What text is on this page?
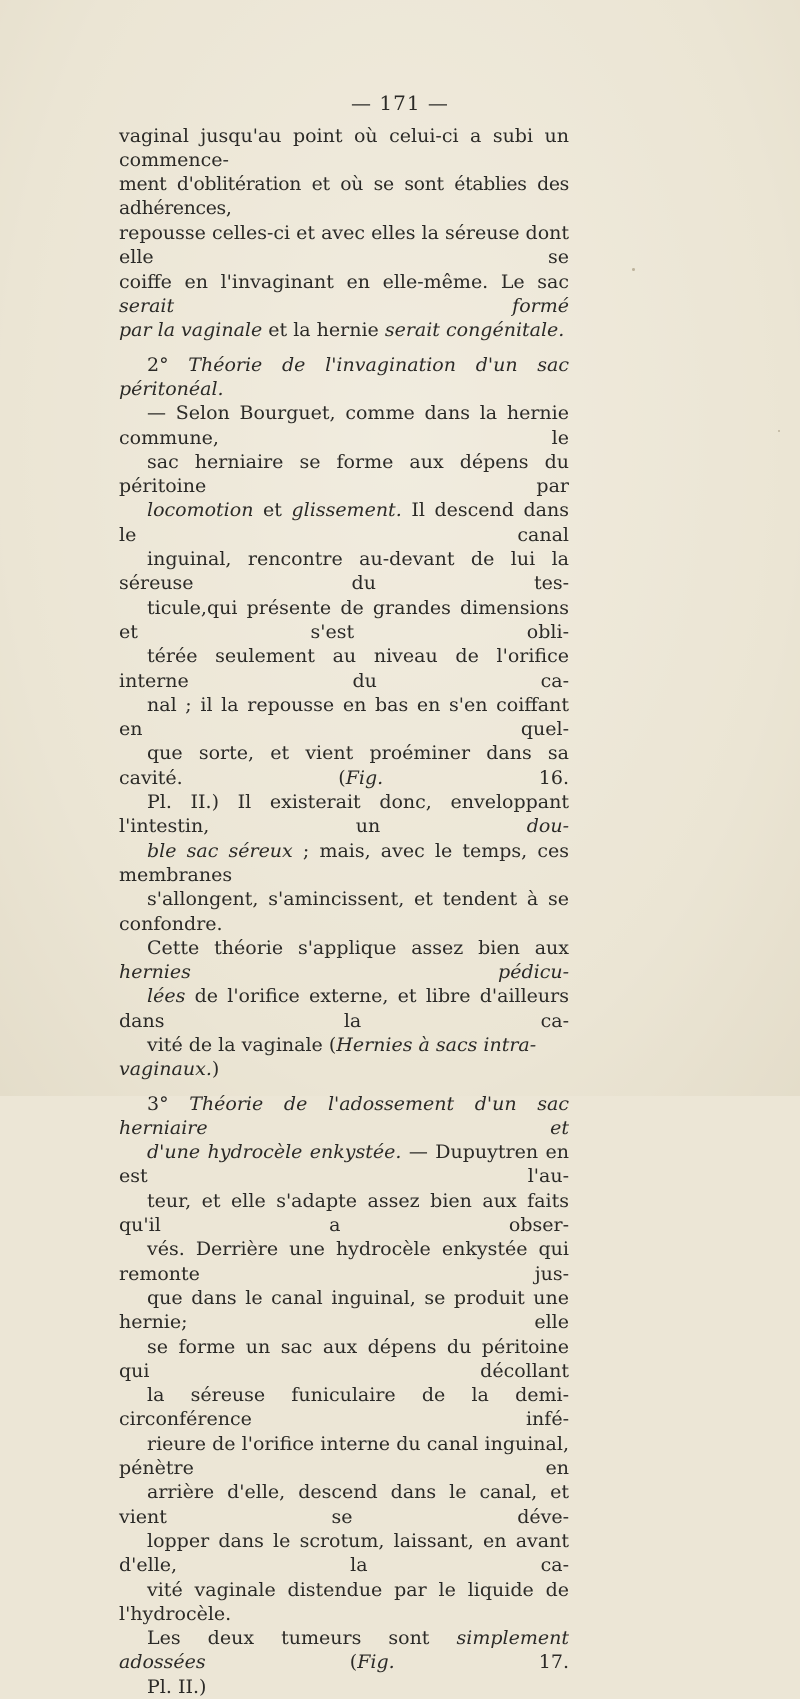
— 171 —

vaginal jusqu'au point où celui-ci a subi un commence-
ment d'oblitération et où se sont établies des adhérences,
repousse celles-ci et avec elles la séreuse dont elle se
coiffe en l'invaginant en elle-même. Le sac serait formé
par la vaginale et la hernie serait congénitale.

2° Théorie de l'invagination d'un sac péritonéal.
— Selon Bourguet, comme dans la hernie commune, le
sac herniaire se forme aux dépens du péritoine par
locomotion et glissement. Il descend dans le canal
inguinal, rencontre au-devant de lui la séreuse du tes-
ticule,qui présente de grandes dimensions et s'est obli-
térée seulement au niveau de l'orifice interne du ca-
nal ; il la repousse en bas en s'en coiffant en quel-
que sorte, et vient proéminer dans sa cavité. (Fig. 16.
Pl. II.) Il existerait donc, enveloppant l'intestin, un dou-
ble sac séreux ; mais, avec le temps, ces membranes
s'allongent, s'amincissent, et tendent à se confondre.
Cette théorie s'applique assez bien aux hernies pédicu-
lées de l'orifice externe, et libre d'ailleurs dans la ca-
vité de la vaginale (Hernies à sacs intra-vaginaux.)

3° Théorie de l'adossement d'un sac herniaire et
d'une hydrocèle enkystée. — Dupuytren en est l'au-
teur, et elle s'adapte assez bien aux faits qu'il a obser-
vés. Derrière une hydrocèle enkystée qui remonte jus-
que dans le canal inguinal, se produit une hernie; elle
se forme un sac aux dépens du péritoine qui décollant
la séreuse funiculaire de la demi-circonférence infé-
rieure de l'orifice interne du canal inguinal, pénètre en
arrière d'elle, descend dans le canal, et vient se déve-
lopper dans le scrotum, laissant, en avant d'elle, la ca-
vité vaginale distendue par le liquide de l'hydrocèle.
Les deux tumeurs sont simplement adossées (Fig. 17.
Pl. II.)
